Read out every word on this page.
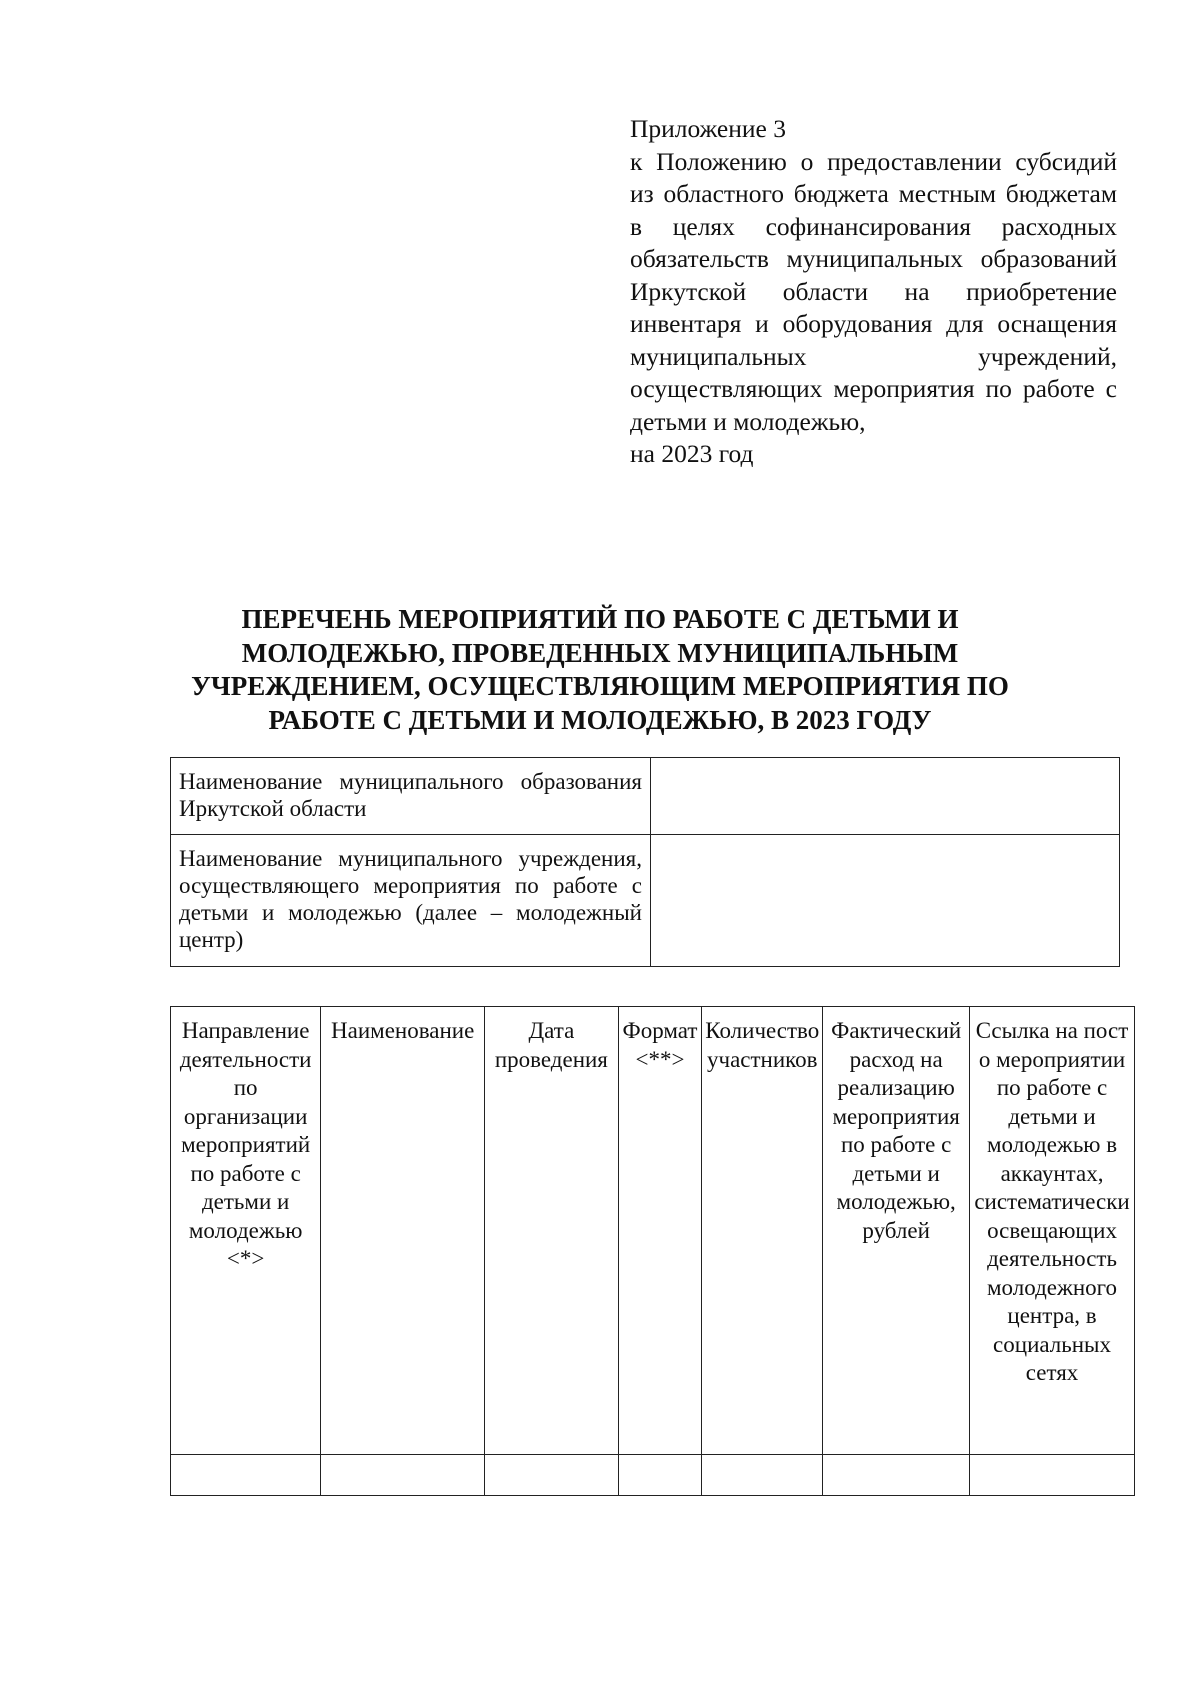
Приложение 3
к Положению о предоставлении субсидий из областного бюджета местным бюджетам в целях софинансирования расходных обязательств муниципальных образований Иркутской области на приобретение инвентаря и оборудования для оснащения муниципальных учреждений, осуществляющих мероприятия по работе с детьми и молодежью,
на 2023 год
ПЕРЕЧЕНЬ МЕРОПРИЯТИЙ ПО РАБОТЕ С ДЕТЬМИ И
МОЛОДЕЖЬЮ, ПРОВЕДЕННЫХ МУНИЦИПАЛЬНЫМ
УЧРЕЖДЕНИЕМ, ОСУЩЕСТВЛЯЮЩИМ МЕРОПРИЯТИЯ ПО
РАБОТЕ С ДЕТЬМИ И МОЛОДЕЖЬЮ, В 2023 ГОДУ
Наименование муниципального образования Иркутской области	
Наименование муниципального учреждения, осуществляющего мероприятия по работе с детьми и молодежью (далее – молодежный центр)	
Направление деятельности по организации мероприятий по работе с детьми и молодежью <*>	Наименование	Дата проведения	Формат <**>	Количество участников	Фактический расход на реализацию мероприятия по работе с детьми и молодежью, рублей	Ссылка на пост о мероприятии по работе с детьми и молодежью в аккаунтах, систематически освещающих деятельность молодежного центра, в социальных сетях
